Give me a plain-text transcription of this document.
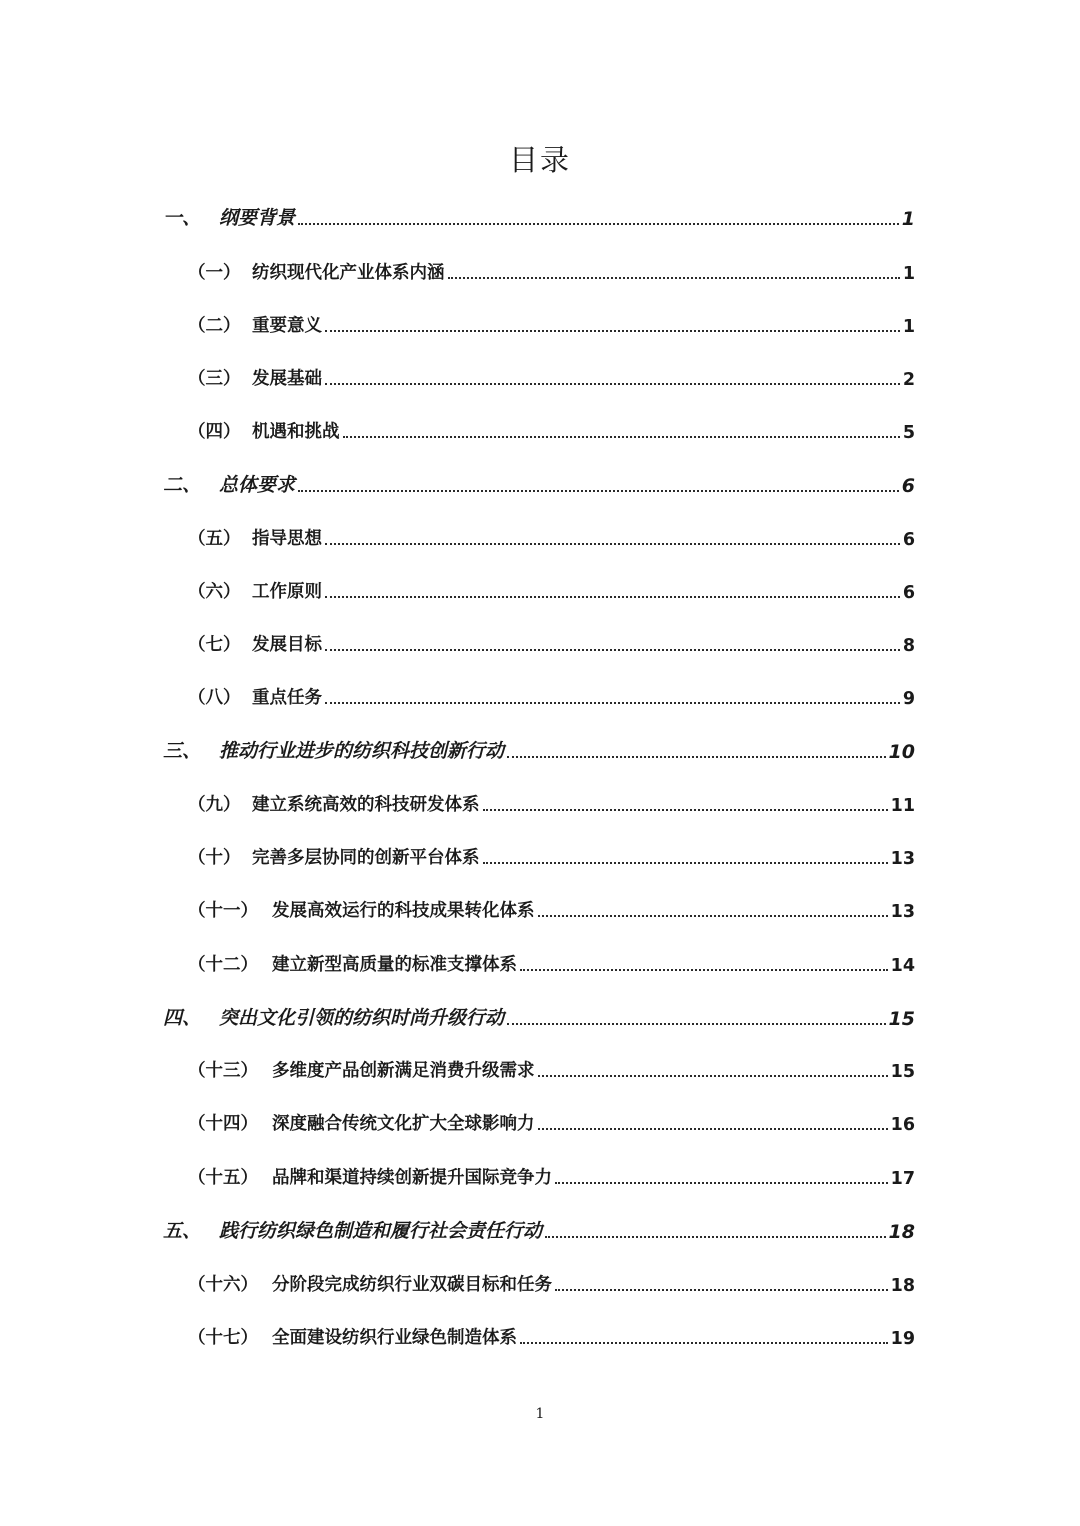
目录
一、 纲要背景	1
（一） 纺织现代化产业体系内涵	1
（二） 重要意义	1
（三） 发展基础	2
（四） 机遇和挑战	5
二、 总体要求	6
（五） 指导思想	6
（六） 工作原则	6
（七） 发展目标	8
（八） 重点任务	9
三、 推动行业进步的纺织科技创新行动	10
（九） 建立系统高效的科技研发体系	11
（十） 完善多层协同的创新平台体系	13
（十一） 发展高效运行的科技成果转化体系	13
（十二） 建立新型高质量的标准支撑体系	14
四、 突出文化引领的纺织时尚升级行动	15
（十三） 多维度产品创新满足消费升级需求	15
（十四） 深度融合传统文化扩大全球影响力	16
（十五） 品牌和渠道持续创新提升国际竞争力	17
五、 践行纺织绿色制造和履行社会责任行动	18
（十六） 分阶段完成纺织行业双碳目标和任务	18
（十七） 全面建设纺织行业绿色制造体系	19
1
